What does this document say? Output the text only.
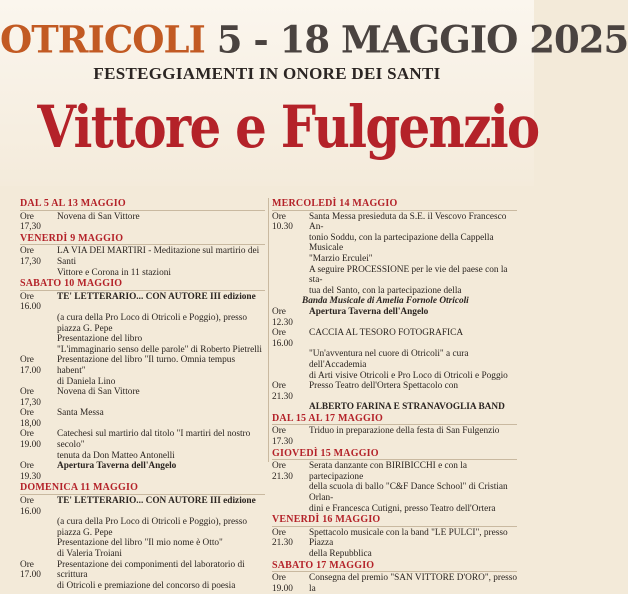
OTRICOLI 5 - 18 MAGGIO 2025
FESTEGGIAMENTI IN ONORE DEI SANTI
Vittore e Fulgenzio
DAL 5 AL 13 MAGGIO
Ore 17,30
Novena di San Vittore
VENERDÌ 9 MAGGIO
Ore 17,30
LA VIA DEI MARTIRI - Meditazione sul martirio dei Santi
Vittore e Corona in 11 stazioni
SABATO 10 MAGGIO
Ore 16.00
TE' LETTERARIO... CON AUTORE III edizione
(a cura della Pro Loco di Otricoli e Poggio), presso piazza G. Pepe
Presentazione del libro
"L'immaginario senso delle parole" di Roberto Pietrelli
Ore 17.00
Presentazione del libro "Il turno. Omnia tempus habent"
di Daniela Lino
Ore 17,30
Novena di San Vittore
Ore 18,00
Santa Messa
Ore 19.00
Catechesi sul martirio dal titolo "I martiri del nostro secolo"
tenuta da Don Matteo Antonelli
Ore 19.30
Apertura Taverna dell'Angelo
DOMENICA 11 MAGGIO
Ore 16.00
TE' LETTERARIO... CON AUTORE III edizione
(a cura della Pro Loco di Otricoli e Poggio), presso piazza G. Pepe
Presentazione del libro "Il mio nome è Otto"
di Valeria Troiani
Ore 17.00
Presentazione dei componimenti del laboratorio di scrittura
di Otricoli e premiazione del concorso di poesia
MERCOLEDÌ 14 MAGGIO
Ore 10.30
Santa Messa presieduta da S.E. il Vescovo Francesco An-
tonio Soddu, con la partecipazione della Cappella Musicale
"Marzio Erculei"
A seguire PROCESSIONE per le vie del paese con la sta-
tua del Santo, con la partecipazione della
Banda Musicale di Amelia Fornole Otricoli
Ore 12.30
Apertura Taverna dell'Angelo
Ore 16.00
CACCIA AL TESORO FOTOGRAFICA
"Un'avventura nel cuore di Otricoli" a cura dell'Accademia
di Arti visive Otricoli e Pro Loco di Otricoli e Poggio
Ore 21.30
Presso Teatro dell'Ortera Spettacolo con
ALBERTO FARINA E STRANAVOGLIA BAND
DAL 15 AL 17 MAGGIO
Ore 17.30
Triduo in preparazione della festa di San Fulgenzio
GIOVEDÌ 15 MAGGIO
Ore 21.30
Serata danzante con BIRIBICCHI e con la partecipazione
della scuola di ballo "C&F Dance School" di Cristian Orlan-
dini e Francesca Cutigni, presso Teatro dell'Ortera
VENERDÌ 16 MAGGIO
Ore 21.30
Spettacolo musicale con la band "LE PULCI", presso Piazza
della Repubblica
SABATO 17 MAGGIO
Ore 19.00
Consegna del premio "SAN VITTORE D'ORO", presso la
